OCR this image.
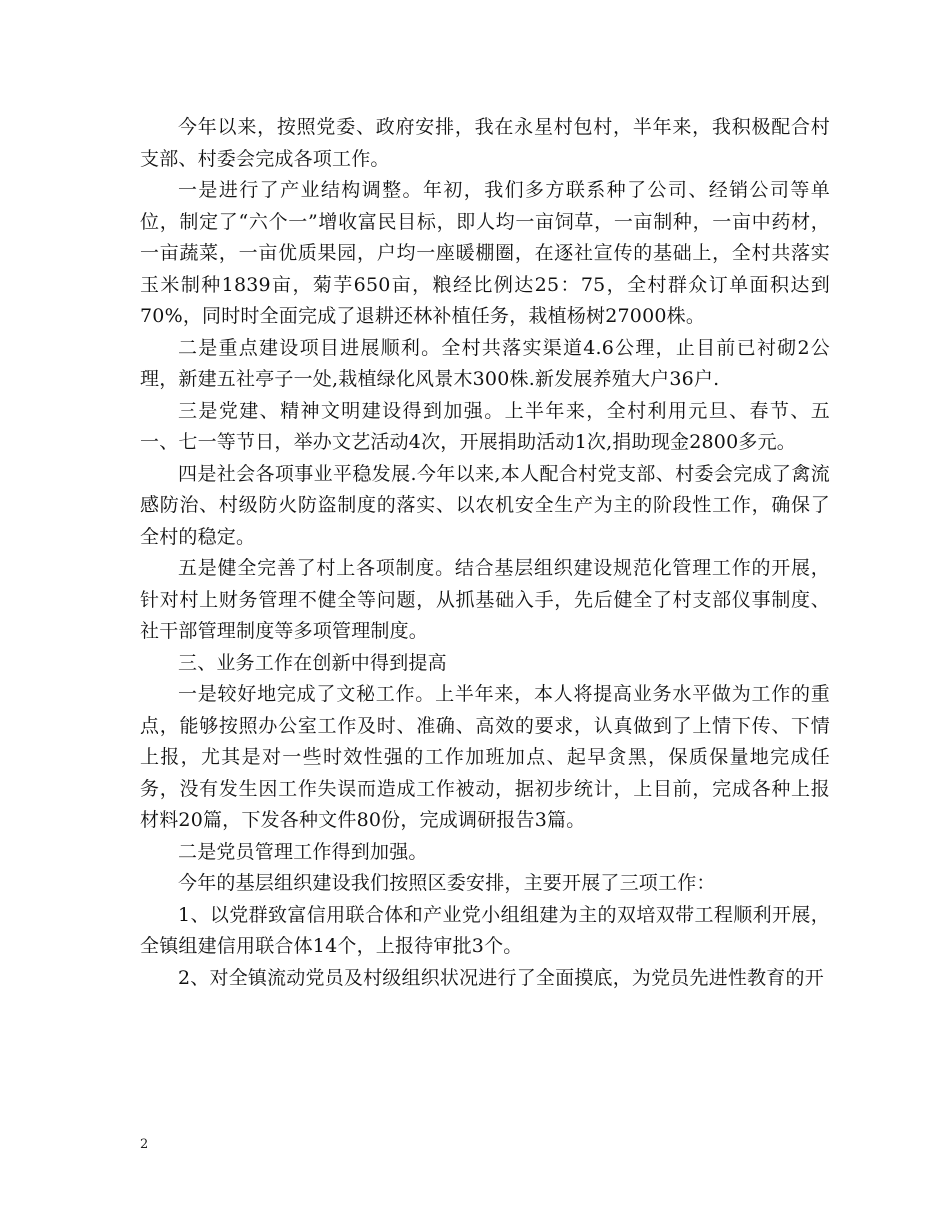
今年以来，按照党委、政府安排，我在永星村包村，半年来，我积极配合村支部、村委会完成各项工作。

一是进行了产业结构调整。年初，我们多方联系种了公司、经销公司等单位，制定了“六个一”增收富民目标，即人均一亩饲草，一亩制种，一亩中药材，一亩蔬菜，一亩优质果园，户均一座暖棚圈，在逐社宣传的基础上，全村共落实玉米制种1839亩，菊芋650亩，粮经比例达25：75，全村群众订单面积达到70%，同时时全面完成了退耕还林补植任务，栽植杨树27000株。

二是重点建设项目进展顺利。全村共落实渠道4.6公理，止目前已衬砌2公理，新建五社亭子一处,栽植绿化风景木300株.新发展养殖大户36户.

三是党建、精神文明建设得到加强。上半年来，全村利用元旦、春节、五一、七一等节日，举办文艺活动4次，开展捐助活动1次,捐助现金2800多元。

四是社会各项事业平稳发展.今年以来,本人配合村党支部、村委会完成了禽流感防治、村级防火防盗制度的落实、以农机安全生产为主的阶段性工作，确保了全村的稳定。

五是健全完善了村上各项制度。结合基层组织建设规范化管理工作的开展，针对村上财务管理不健全等问题，从抓基础入手，先后健全了村支部仪事制度、社干部管理制度等多项管理制度。

三、业务工作在创新中得到提高

一是较好地完成了文秘工作。上半年来，本人将提高业务水平做为工作的重点，能够按照办公室工作及时、准确、高效的要求，认真做到了上情下传、下情上报，尤其是对一些时效性强的工作加班加点、起早贪黑，保质保量地完成任务，没有发生因工作失误而造成工作被动，据初步统计，上目前，完成各种上报材料20篇，下发各种文件80份，完成调研报告3篇。

二是党员管理工作得到加强。

今年的基层组织建设我们按照区委安排，主要开展了三项工作：

1、以党群致富信用联合体和产业党小组组建为主的双培双带工程顺利开展，全镇组建信用联合体14个，上报待审批3个。

2、对全镇流动党员及村级组织状况进行了全面摸底，为党员先进性教育的开

2
